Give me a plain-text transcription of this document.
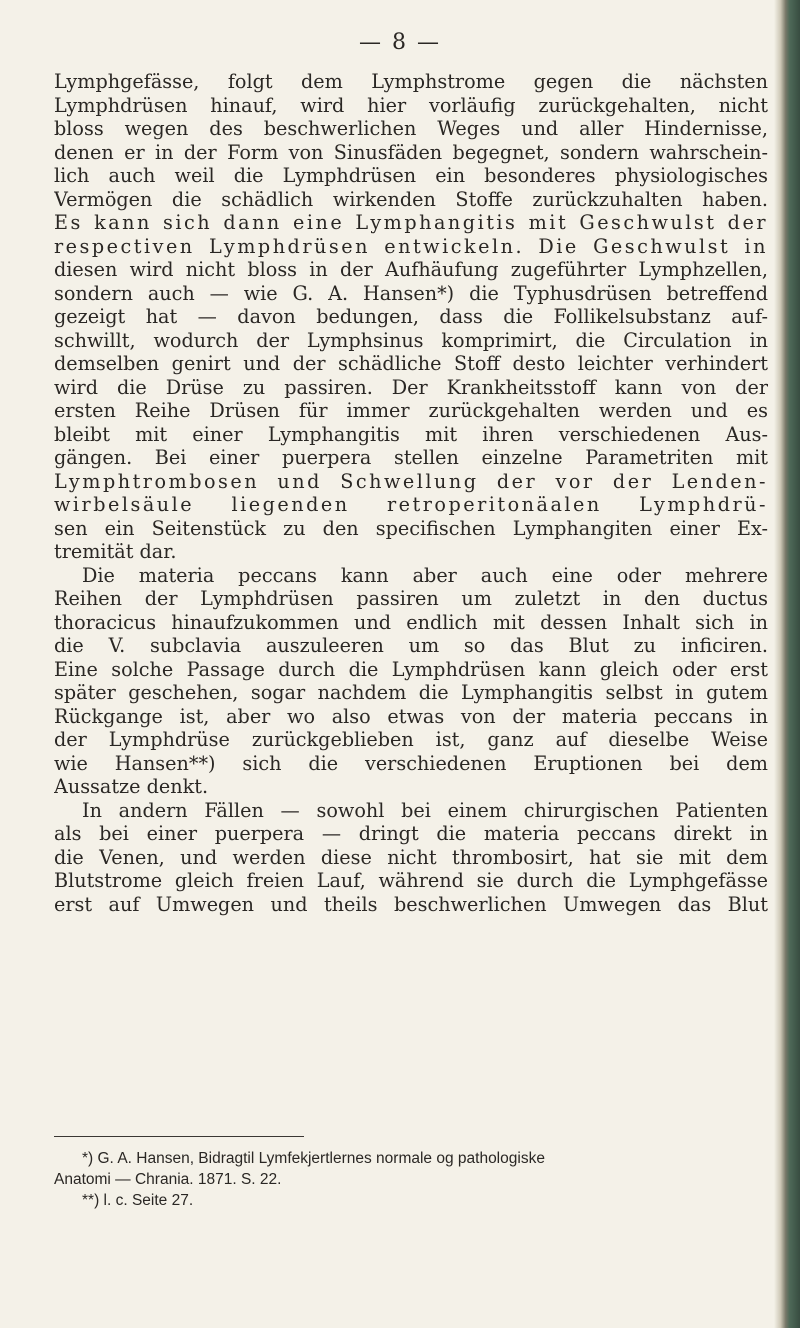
— 8 —
Lymphgefässe, folgt dem Lymphstrome gegen die nächsten
Lymphdrüsen hinauf, wird hier vorläufig zurückgehalten, nicht
bloss wegen des beschwerlichen Weges und aller Hindernisse,
denen er in der Form von Sinusfäden begegnet, sondern wahrschein-
lich auch weil die Lymphdrüsen ein besonderes physiologisches
Vermögen die schädlich wirkenden Stoffe zurückzuhalten haben.
Es kann sich dann eine Lymphangitis mit Geschwulst der
respectiven Lymphdrüsen entwickeln. Die Geschwulst in
diesen wird nicht bloss in der Aufhäufung zugeführter Lymphzellen,
sondern auch — wie G. A. Hansen*) die Typhusdrüsen betreffend
gezeigt hat — davon bedungen, dass die Follikelsubstanz auf-
schwillt, wodurch der Lymphsinus komprimirt, die Circulation in
demselben genirt und der schädliche Stoff desto leichter verhindert
wird die Drüse zu passiren. Der Krankheitsstoff kann von der
ersten Reihe Drüsen für immer zurückgehalten werden und es
bleibt mit einer Lymphangitis mit ihren verschiedenen Aus-
gängen. Bei einer puerpera stellen einzelne Parametriten mit
Lymphtrombosen und Schwellung der vor der Lenden-
wirbelsäule liegenden retroperitonäalen Lymphdrü-
sen ein Seitenstück zu den specifischen Lymphangiten einer Ex-
tremität dar.
Die materia peccans kann aber auch eine oder mehrere
Reihen der Lymphdrüsen passiren um zuletzt in den ductus
thoracicus hinaufzukommen und endlich mit dessen Inhalt sich in
die V. subclavia auszuleeren um so das Blut zu inficiren.
Eine solche Passage durch die Lymphdrüsen kann gleich oder erst
später geschehen, sogar nachdem die Lymphangitis selbst in gutem
Rückgange ist, aber wo also etwas von der materia peccans in
der Lymphdrüse zurückgeblieben ist, ganz auf dieselbe Weise
wie Hansen**) sich die verschiedenen Eruptionen bei dem
Aussatze denkt.
In andern Fällen — sowohl bei einem chirurgischen Patienten
als bei einer puerpera — dringt die materia peccans direkt in
die Venen, und werden diese nicht thrombosirt, hat sie mit dem
Blutstrome gleich freien Lauf, während sie durch die Lymphgefässe
erst auf Umwegen und theils beschwerlichen Umwegen das Blut
*) G. A. Hansen, Bidragtil Lymfekjertlernes normale og pathologiske
Anatomi — Chrania. 1871. S. 22.
**) l. c. Seite 27.
